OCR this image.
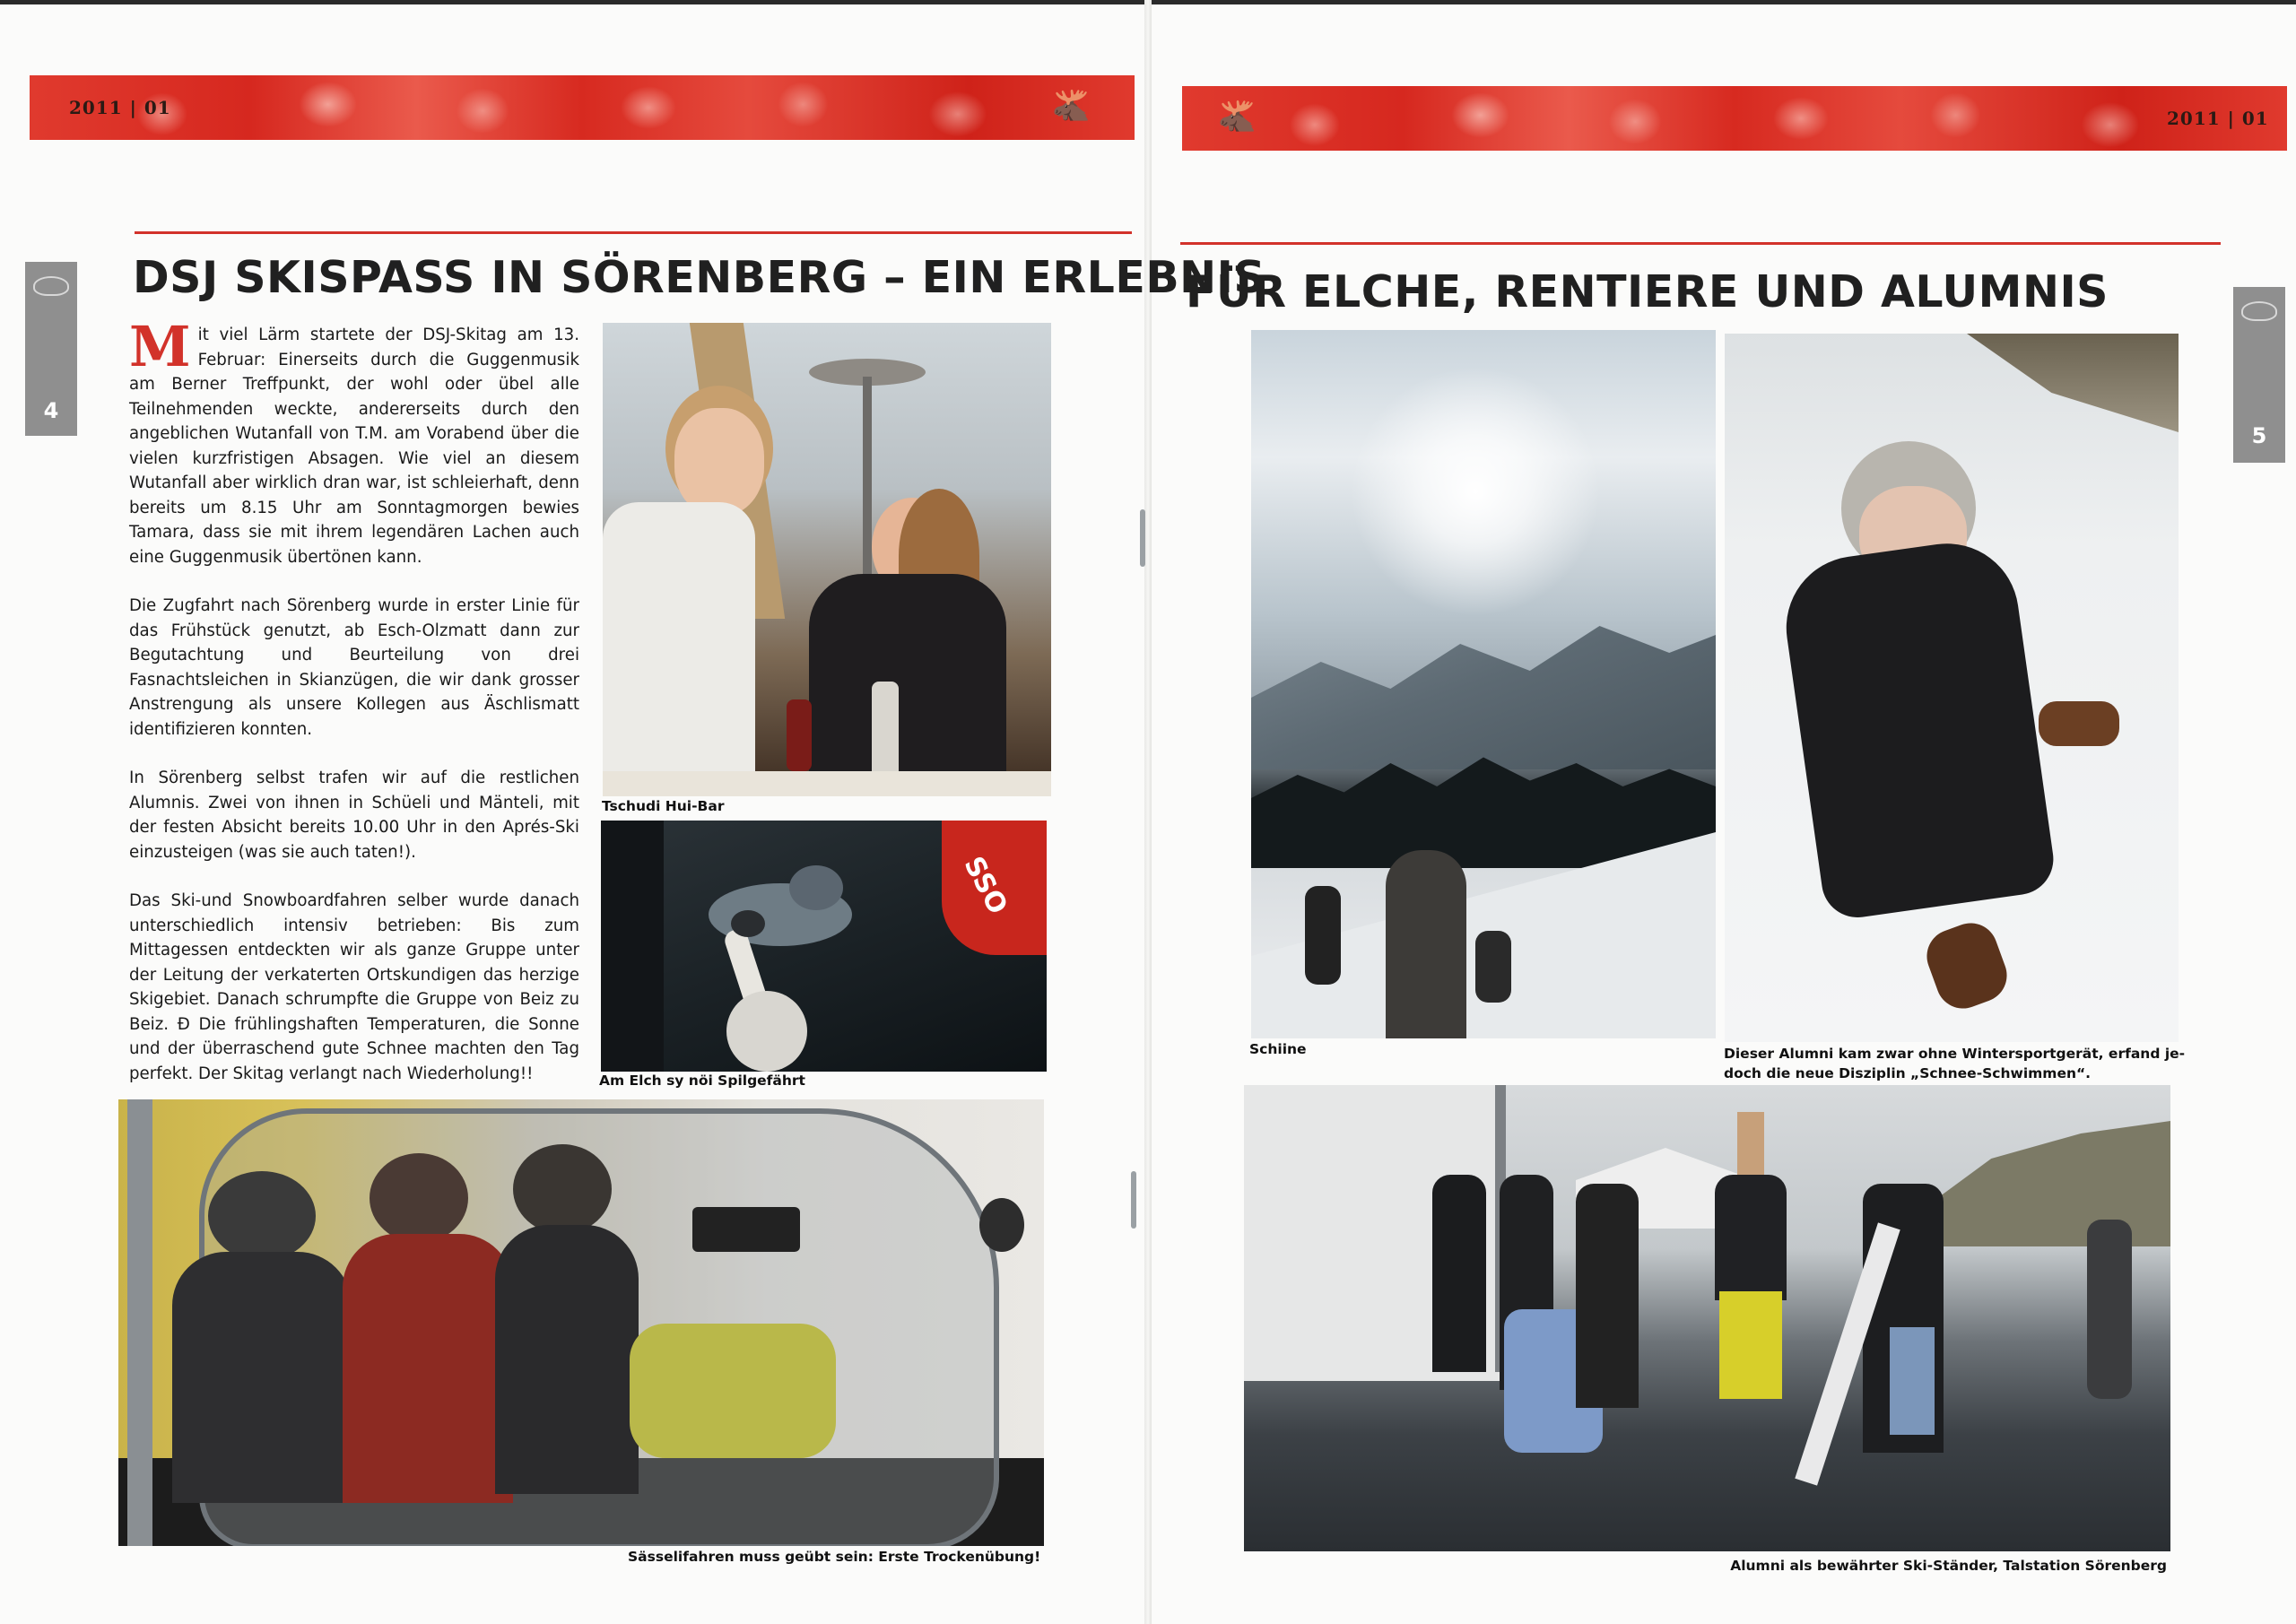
2011 | 01	🫎	🫎	2011 | 01
DSJ SKISPASS IN SÖRENBERG – EIN ERLEBNIS
FÜR ELCHE, RENTIERE UND ALUMNIS
4
5

Mit viel Lärm startete der DSJ-Skitag am 13. Februar: Einerseits durch die Guggenmusik am Berner Treffpunkt, der wohl oder übel alle Teilnehmenden weckte, andererseits durch den angeblichen Wutanfall von T.M. am Vorabend über die vielen kurzfristigen Absagen. Wie viel an diesem Wutanfall aber wirklich dran war, ist schleierhaft, denn bereits um 8.15 Uhr am Sonntagmorgen bewies Tamara, dass sie mit ihrem legendären Lachen auch eine Guggenmusik übertönen kann.

Die Zugfahrt nach Sörenberg wurde in erster Linie für das Frühstück genutzt, ab Esch-Olzmatt dann zur Begutachtung und Beurteilung von drei Fasnachtsleichen in Skianzügen, die wir dank grosser Anstrengung als unsere Kollegen aus Äschlismatt identifizieren konnten.

In Sörenberg selbst trafen wir auf die restlichen Alumnis. Zwei von ihnen in Schüeli und Mänteli, mit der festen Absicht bereits 10.00 Uhr in den Aprés-Ski einzusteigen (was sie auch taten!).

Das Ski-und Snowboardfahren selber wurde danach unterschiedlich intensiv betrieben: Bis zum Mittagessen entdeckten wir als ganze Gruppe unter der Leitung der verkaterten Ortskundigen das herzige Skigebiet. Danach schrumpfte die Gruppe von Beiz zu Beiz. Đ Die frühlingshaften Temperaturen, die Sonne und der überraschend gute Schnee machten den Tag perfekt. Der Skitag verlangt nach Wiederholung!!

Tschudi Hui-Bar
SSO
Am Elch sy nöi Spilgefährt
Sässelifahren muss geübt sein: Erste Trockenübung!
Schiine	Dieser Alumni kam zwar ohne Wintersportgerät, erfand je-
doch die neue Disziplin „Schnee-Schwimmen“.
Alumni als bewährter Ski-Ständer, Talstation Sörenberg
